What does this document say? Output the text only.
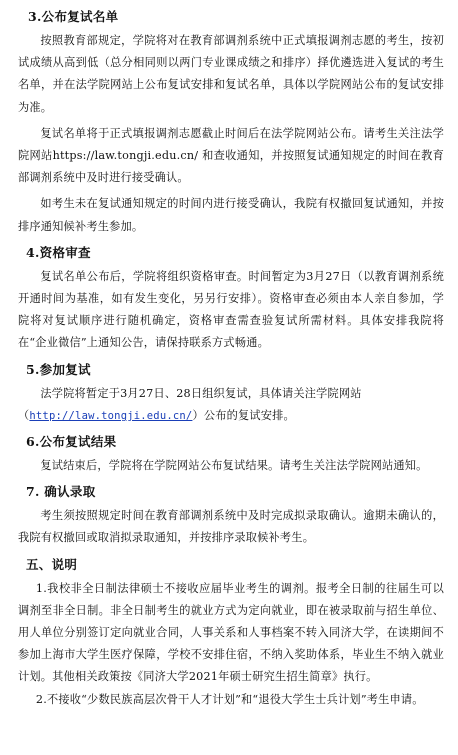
3.公布复试名单

按照教育部规定，学院将对在教育部调剂系统中正式填报调剂志愿的考生，按初试成绩从高到低（总分相同则以两门专业课成绩之和排序）择优遴选进入复试的考生名单，并在法学院网站上公布复试安排和复试名单，具体以学院网站公布的复试安排为准。

复试名单将于正式填报调剂志愿截止时间后在法学院网站公布。请考生关注法学院网站https://law.tongji.edu.cn/ 和查收通知，并按照复试通知规定的时间在教育部调剂系统中及时进行接受确认。

如考生未在复试通知规定的时间内进行接受确认，我院有权撤回复试通知，并按排序通知候补考生参加。

4.资格审查

复试名单公布后，学院将组织资格审查。时间暂定为3月27日（以教育调剂系统开通时间为基准，如有发生变化，另另行安排）。资格审查必须由本人亲自参加，学院将对复试顺序进行随机确定，资格审查需查验复试所需材料。具体安排我院将在“企业微信”上通知公告，请保持联系方式畅通。

5.参加复试

法学院将暂定于3月27日、28日组织复试，具体请关注学院网站
（http://law.tongji.edu.cn/）公布的复试安排。

6.公布复试结果

复试结束后，学院将在学院网站公布复试结果。请考生关注法学院网站通知。

7. 确认录取

考生须按照规定时间在教育部调剂系统中及时完成拟录取确认。逾期未确认的，我院有权撤回或取消拟录取通知，并按排序录取候补考生。

五、说明

1.我校非全日制法律硕士不接收应届毕业考生的调剂。报考全日制的往届生可以调剂至非全日制。非全日制考生的就业方式为定向就业，即在被录取前与招生单位、用人单位分别签订定向就业合同，人事关系和人事档案不转入同济大学，在读期间不参加上海市大学生医疗保障，学校不安排住宿，不纳入奖助体系，毕业生不纳入就业计划。其他相关政策按《同济大学2021年硕士研究生招生简章》执行。

2.不接收“少数民族高层次骨干人才计划”和“退役大学生士兵计划”考生申请。
